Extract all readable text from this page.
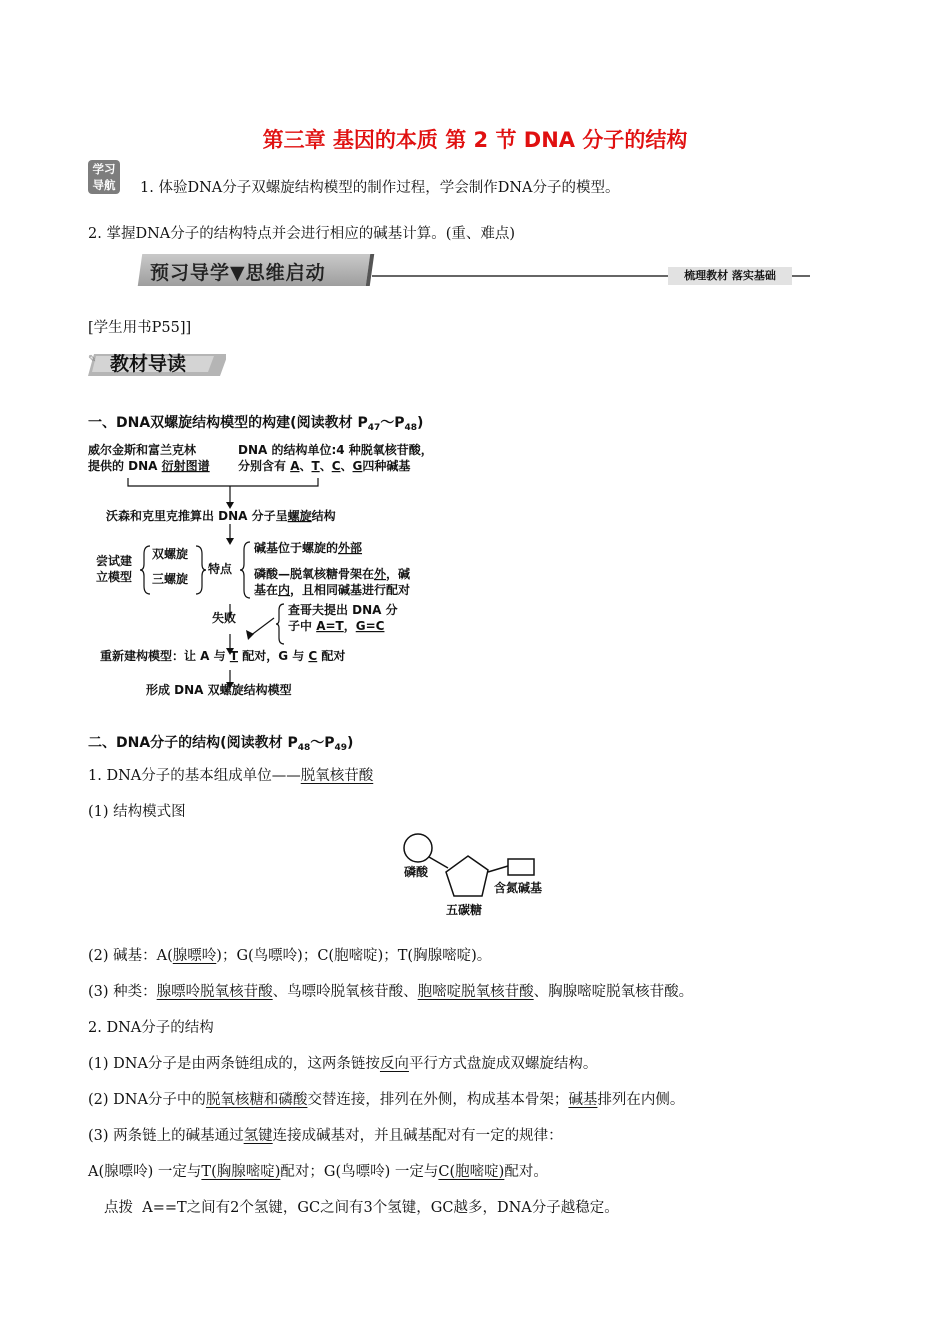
第三章 基因的本质 第 2 节 DNA 分子的结构
学习
导航	1. 体验DNA分子双螺旋结构模型的制作过程，学会制作DNA分子的模型。
2. 掌握DNA分子的结构特点并会进行相应的碱基计算。(重、难点)
预习导学▼思维启动	梳理教材 落实基础
[学生用书P55]]
✎ 教材导读
一、DNA双螺旋结构模型的构建(阅读教材 $P_{47}\sim P_{48}$)
威尔金斯和富兰克林
提供的 DNA 衍射图谱
DNA 的结构单位:4 种脱氧核苷酸，
分别含有 A、T、C、G四种碱基
沃森和克里克推算出 DNA 分子呈螺旋结构
尝试建
立模型
双螺旋
三螺旋
特点
碱基位于螺旋的外部
磷酸—脱氧核糖骨架在外，碱
基在内，且相同碱基进行配对
失败
查哥夫提出 DNA 分
子中 A=T，G=C
重新建构模型：让 A 与 T 配对，G 与 C 配对
形成 DNA 双螺旋结构模型
二、DNA分子的结构(阅读教材 $P_{48}\sim P_{49}$)
1. DNA分子的基本组成单位——脱氧核苷酸
(1) 结构模式图
磷酸
含氮碱基
五碳糖
(2) 碱基：A(腺嘌呤)；G(鸟嘌呤)；C(胞嘧啶)；T(胸腺嘧啶)。
(3) 种类：腺嘌呤脱氧核苷酸、鸟嘌呤脱氧核苷酸、胞嘧啶脱氧核苷酸、胸腺嘧啶脱氧核苷酸。
2. DNA分子的结构
(1) DNA分子是由两条链组成的，这两条链按反向平行方式盘旋成双螺旋结构。
(2) DNA分子中的脱氧核糖和磷酸交替连接，排列在外侧，构成基本骨架；碱基排列在内侧。
(3) 两条链上的碱基通过氢键连接成碱基对，并且碱基配对有一定的规律：
A(腺嘌呤) 一定与T(胸腺嘧啶)配对；G(鸟嘌呤) 一定与C(胞嘧啶)配对。
点拨 A==T之间有2个氢键，GC之间有3个氢键，GC越多，DNA分子越稳定。
